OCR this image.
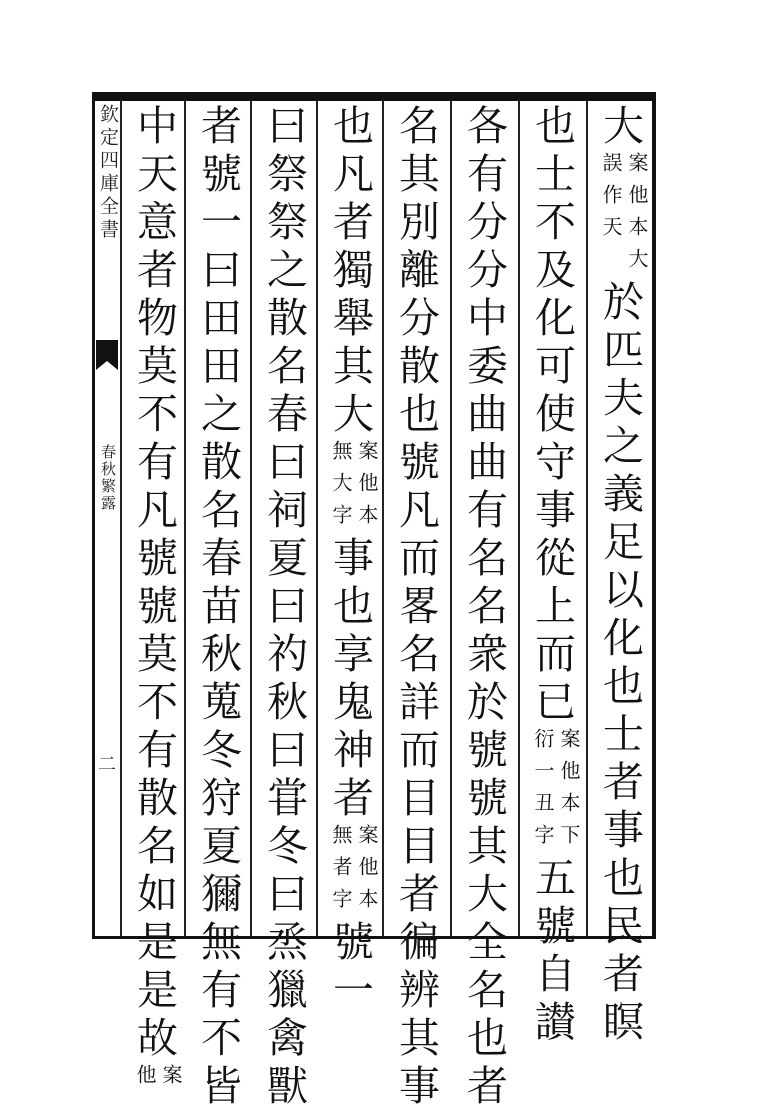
欽定四庫全書
春秋繁露
二
大案他本大誤作天於匹夫之義足以化也士者事也民者瞑
也士不及化可使守事從上而已案他本下衍一丑字五號自讃
各有分分中委曲曲有名名衆於號號其大全名也者
名其別離分散也號凡而畧名詳而目目者徧辨其事
也凡者獨舉其大案他本無大字事也享鬼神者案他本無者字號一
曰祭祭之散名春曰祠夏曰礿秋曰甞冬曰烝獵禽獸
者號一曰田田之散名春苗秋蒐冬狩夏獮無有不皆
中天意者物莫不有凡號號莫不有散名如是是故案他
